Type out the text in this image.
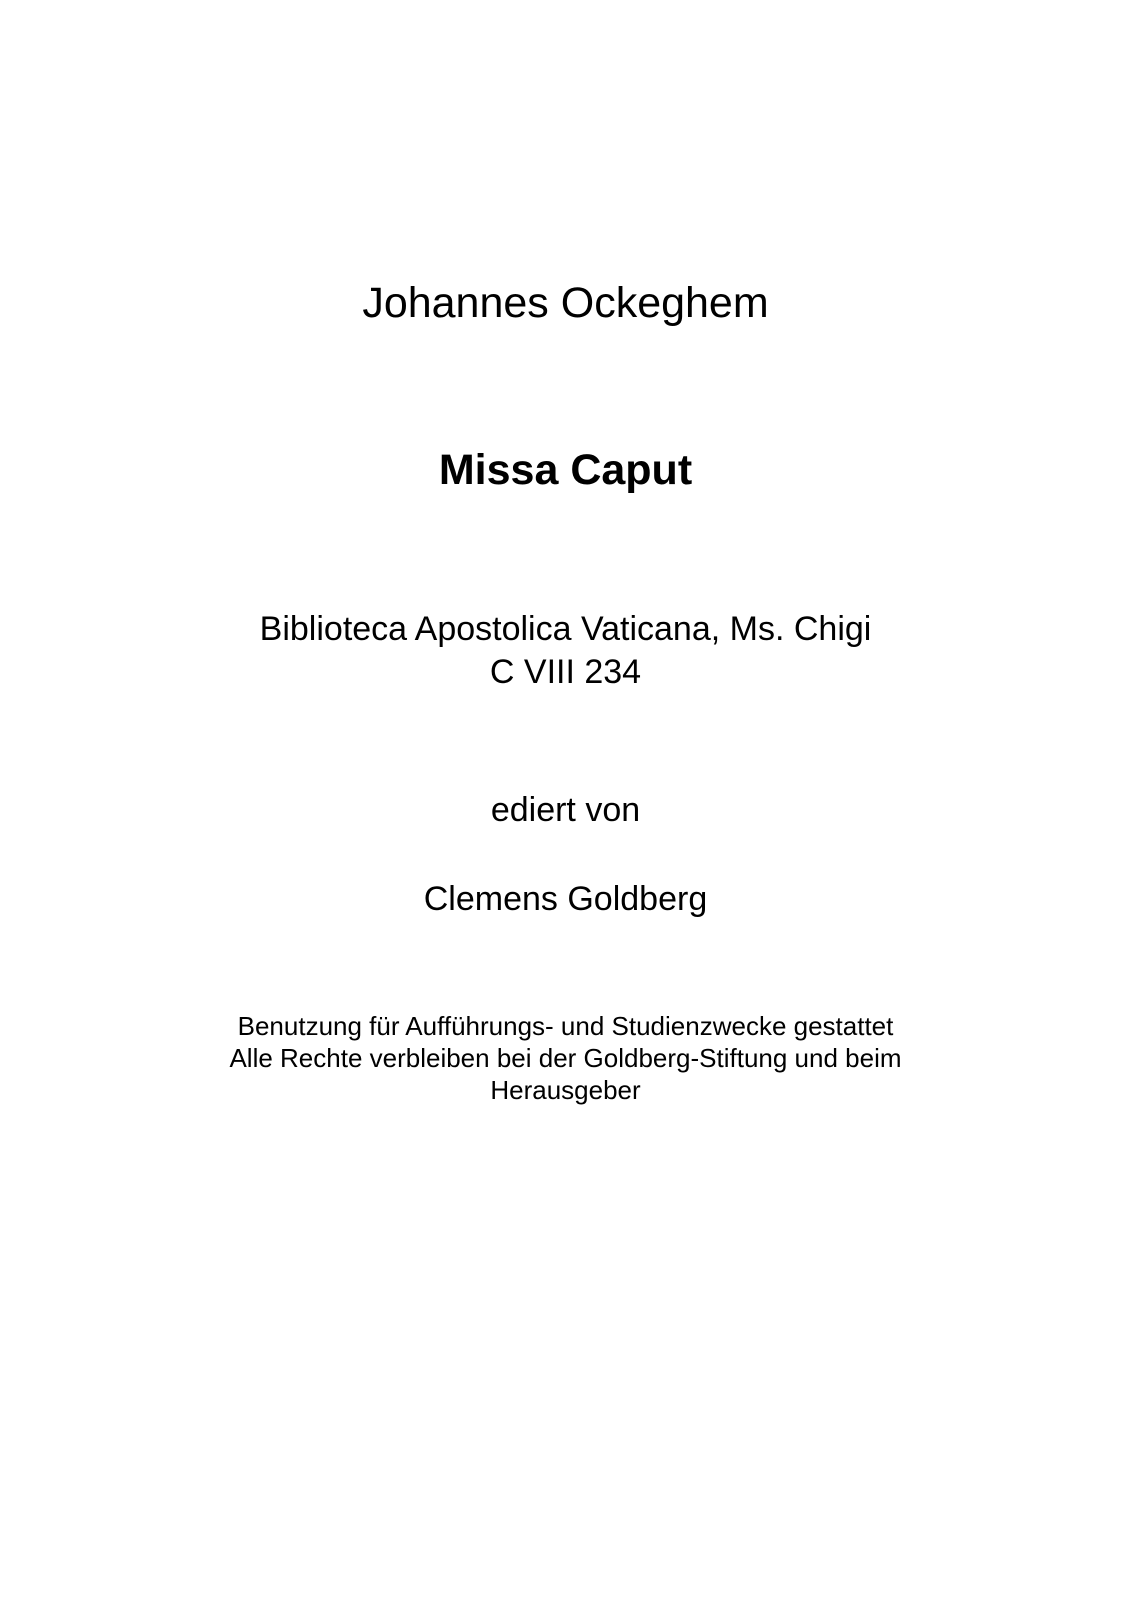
Johannes Ockeghem
Missa Caput
Biblioteca Apostolica Vaticana, Ms. Chigi
C VIII 234
ediert von
Clemens Goldberg
Benutzung für Aufführungs- und Studienzwecke gestattet
Alle Rechte verbleiben bei der Goldberg-Stiftung und beim
Herausgeber
